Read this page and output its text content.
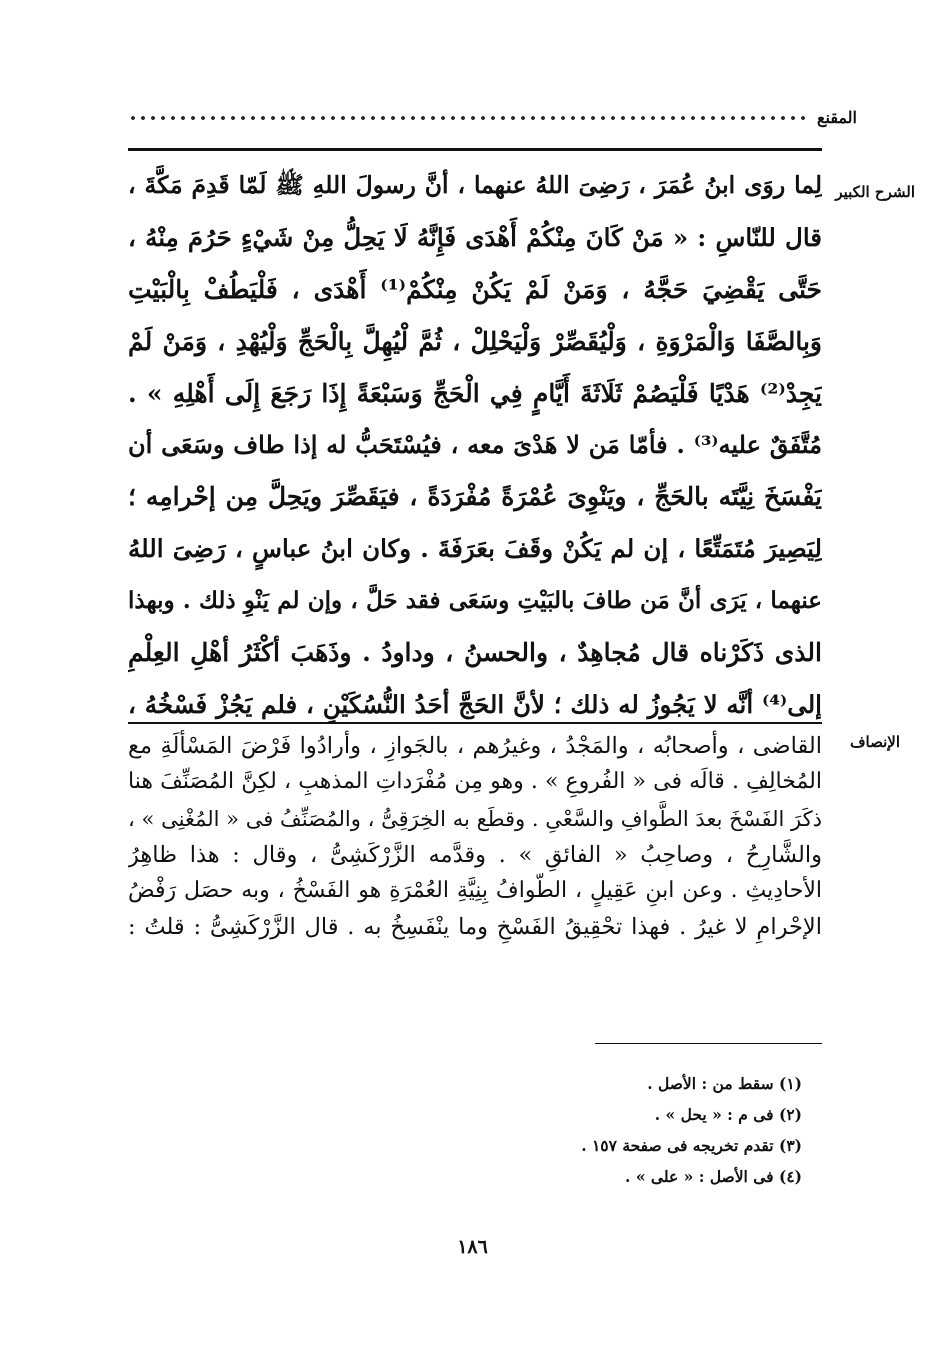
المقنع
الشرح الكبير
لِما روَى ابنُ عُمَرَ ، رَضِىَ اللهُ عنهما ، أنَّ رسولَ اللهِ ﷺ لَمّا قَدِمَ مَكَّةَ ،
قال للنّاسِ : « مَنْ كَانَ مِنْكُمْ أَهْدَى فَإِنَّهُ لَا يَحِلُّ مِنْ شَيْءٍ حَرُمَ مِنْهُ ،
حَتَّى يَقْضِيَ حَجَّهُ ، وَمَنْ لَمْ يَكُنْ مِنْكُمْ⁽¹⁾ أَهْدَى ، فَلْيَطُفْ بِالْبَيْتِ
وَبِالصَّفَا وَالْمَرْوَةِ ، وَلْيُقَصِّرْ وَلْيَحْلِلْ ، ثُمَّ لْيُهِلَّ بِالْحَجِّ وَلْيُهْدِ ، وَمَنْ لَمْ
يَجِدْ⁽²⁾ هَدْيًا فَلْيَصُمْ ثَلَاثَةَ أَيَّامٍ فِي الْحَجِّ وَسَبْعَةً إِذَا رَجَعَ إِلَى أَهْلِهِ » .
مُتَّفَقٌ عليه⁽³⁾ . فأمّا مَن لا هَدْىَ معه ، فيُسْتَحَبُّ له إذا طاف وسَعَى أن
يَفْسَخَ نِيَّتَه بالحَجِّ ، ويَنْوِىَ عُمْرَةً مُفْرَدَةً ، فيَقَصِّرَ ويَحِلَّ مِن إحْرامِه ؛
لِيَصِيرَ مُتَمَتِّعًا ، إن لم يَكُنْ وقَفَ بعَرَفَةَ . وكان ابنُ عباسٍ ، رَضِىَ اللهُ
عنهما ، يَرَى أنَّ مَن طافَ بالبَيْتِ وسَعَى فقد حَلَّ ، وإن لم يَنْوِ ذلك . وبهذا
الذى ذَكَرْناه قال مُجاهِدٌ ، والحسنُ ، وداودُ . وذَهَبَ أكْثَرُ أهْلِ العِلْمِ
إلى⁽⁴⁾ أنَّه لا يَجُوزُ له ذلك ؛ لأنَّ الحَجَّ أحَدُ النُّسُكَيْنِ ، فلم يَجُزْ فَسْخُهُ ،
الإنصاف
القاضى ، وأصحابُه ، والمَجْدُ ، وغيرُهم ، بالجَوازِ ، وأرادُوا فَرْضَ المَسْألَةِ مع
المُخالِفِ . قالَه فى « الفُروعِ » . وهو مِن مُفْرَداتِ المذهبِ ، لكِنَّ المُصَنِّفَ هنا
ذكَرَ الفَسْخَ بعدَ الطَّوافِ والسَّعْىِ . وقطَع به الخِرَقِىُّ ، والمُصَنِّفُ فى « المُغْنِى » ،
والشَّارِحُ ، وصاحِبُ « الفائقِ » . وقدَّمه الزَّرْكَشِىُّ ، وقال : هذا ظاهِرُ
الأحادِيثِ . وعن ابنِ عَقِيلٍ ، الطَّوافُ بِنِيَّةِ العُمْرَةِ هو الفَسْخُ ، وبه حصَل رَفْضُ
الإحْرامِ لا غيرُ . فهذا تحْقِيقُ الفَسْخِ وما ينْفَسِخُ به . قال الزَّرْكَشِىُّ : قلتُ :
(١) سقط من : الأصل .
(٢) فى م : « يحل » .
(٣) تقدم تخريجه فى صفحة ١٥٧ .
(٤) فى الأصل : « على » .
١٨٦
